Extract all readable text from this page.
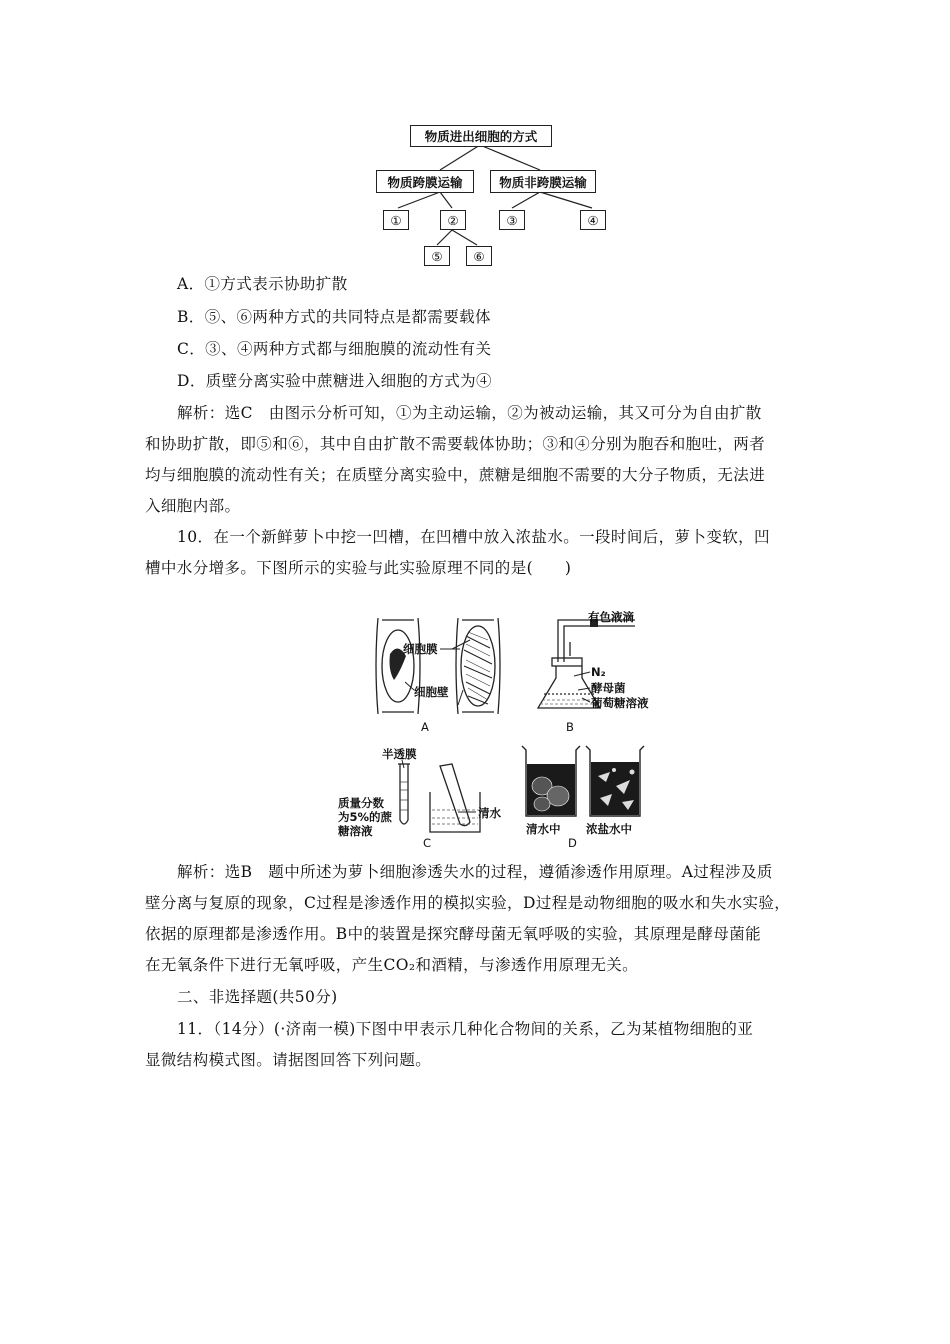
物质进出细胞的方式
物质跨膜运输	物质非跨膜运输
①	②	③	④
⑤ ⑥
A．①方式表示协助扩散
B．⑤、⑥两种方式的共同特点是都需要载体
C．③、④两种方式都与细胞膜的流动性有关
D．质壁分离实验中蔗糖进入细胞的方式为④
解析：选C　由图示分析可知，①为主动运输，②为被动运输，其又可分为自由扩散
和协助扩散，即⑤和⑥，其中自由扩散不需要载体协助；③和④分别为胞吞和胞吐，两者
均与细胞膜的流动性有关；在质壁分离实验中，蔗糖是细胞不需要的大分子物质，无法进
入细胞内部。
10．在一个新鲜萝卜中挖一凹槽，在凹槽中放入浓盐水。一段时间后，萝卜变软，凹
槽中水分增多。下图所示的实验与此实验原理不同的是(　　)
细胞膜
细胞壁
A
有色液滴
N₂
酵母菌
葡萄糖溶液
B
半透膜
质量分数
为5%的蔗
糖溶液
清水
C
清水中 浓盐水中
D
解析：选B　题中所述为萝卜细胞渗透失水的过程，遵循渗透作用原理。A过程涉及质
壁分离与复原的现象，C过程是渗透作用的模拟实验，D过程是动物细胞的吸水和失水实验，
依据的原理都是渗透作用。B中的装置是探究酵母菌无氧呼吸的实验，其原理是酵母菌能
在无氧条件下进行无氧呼吸，产生CO₂和酒精，与渗透作用原理无关。
二、非选择题(共50分)
11．（14分）(·济南一模)下图中甲表示几种化合物间的关系，乙为某植物细胞的亚
显微结构模式图。请据图回答下列问题。
